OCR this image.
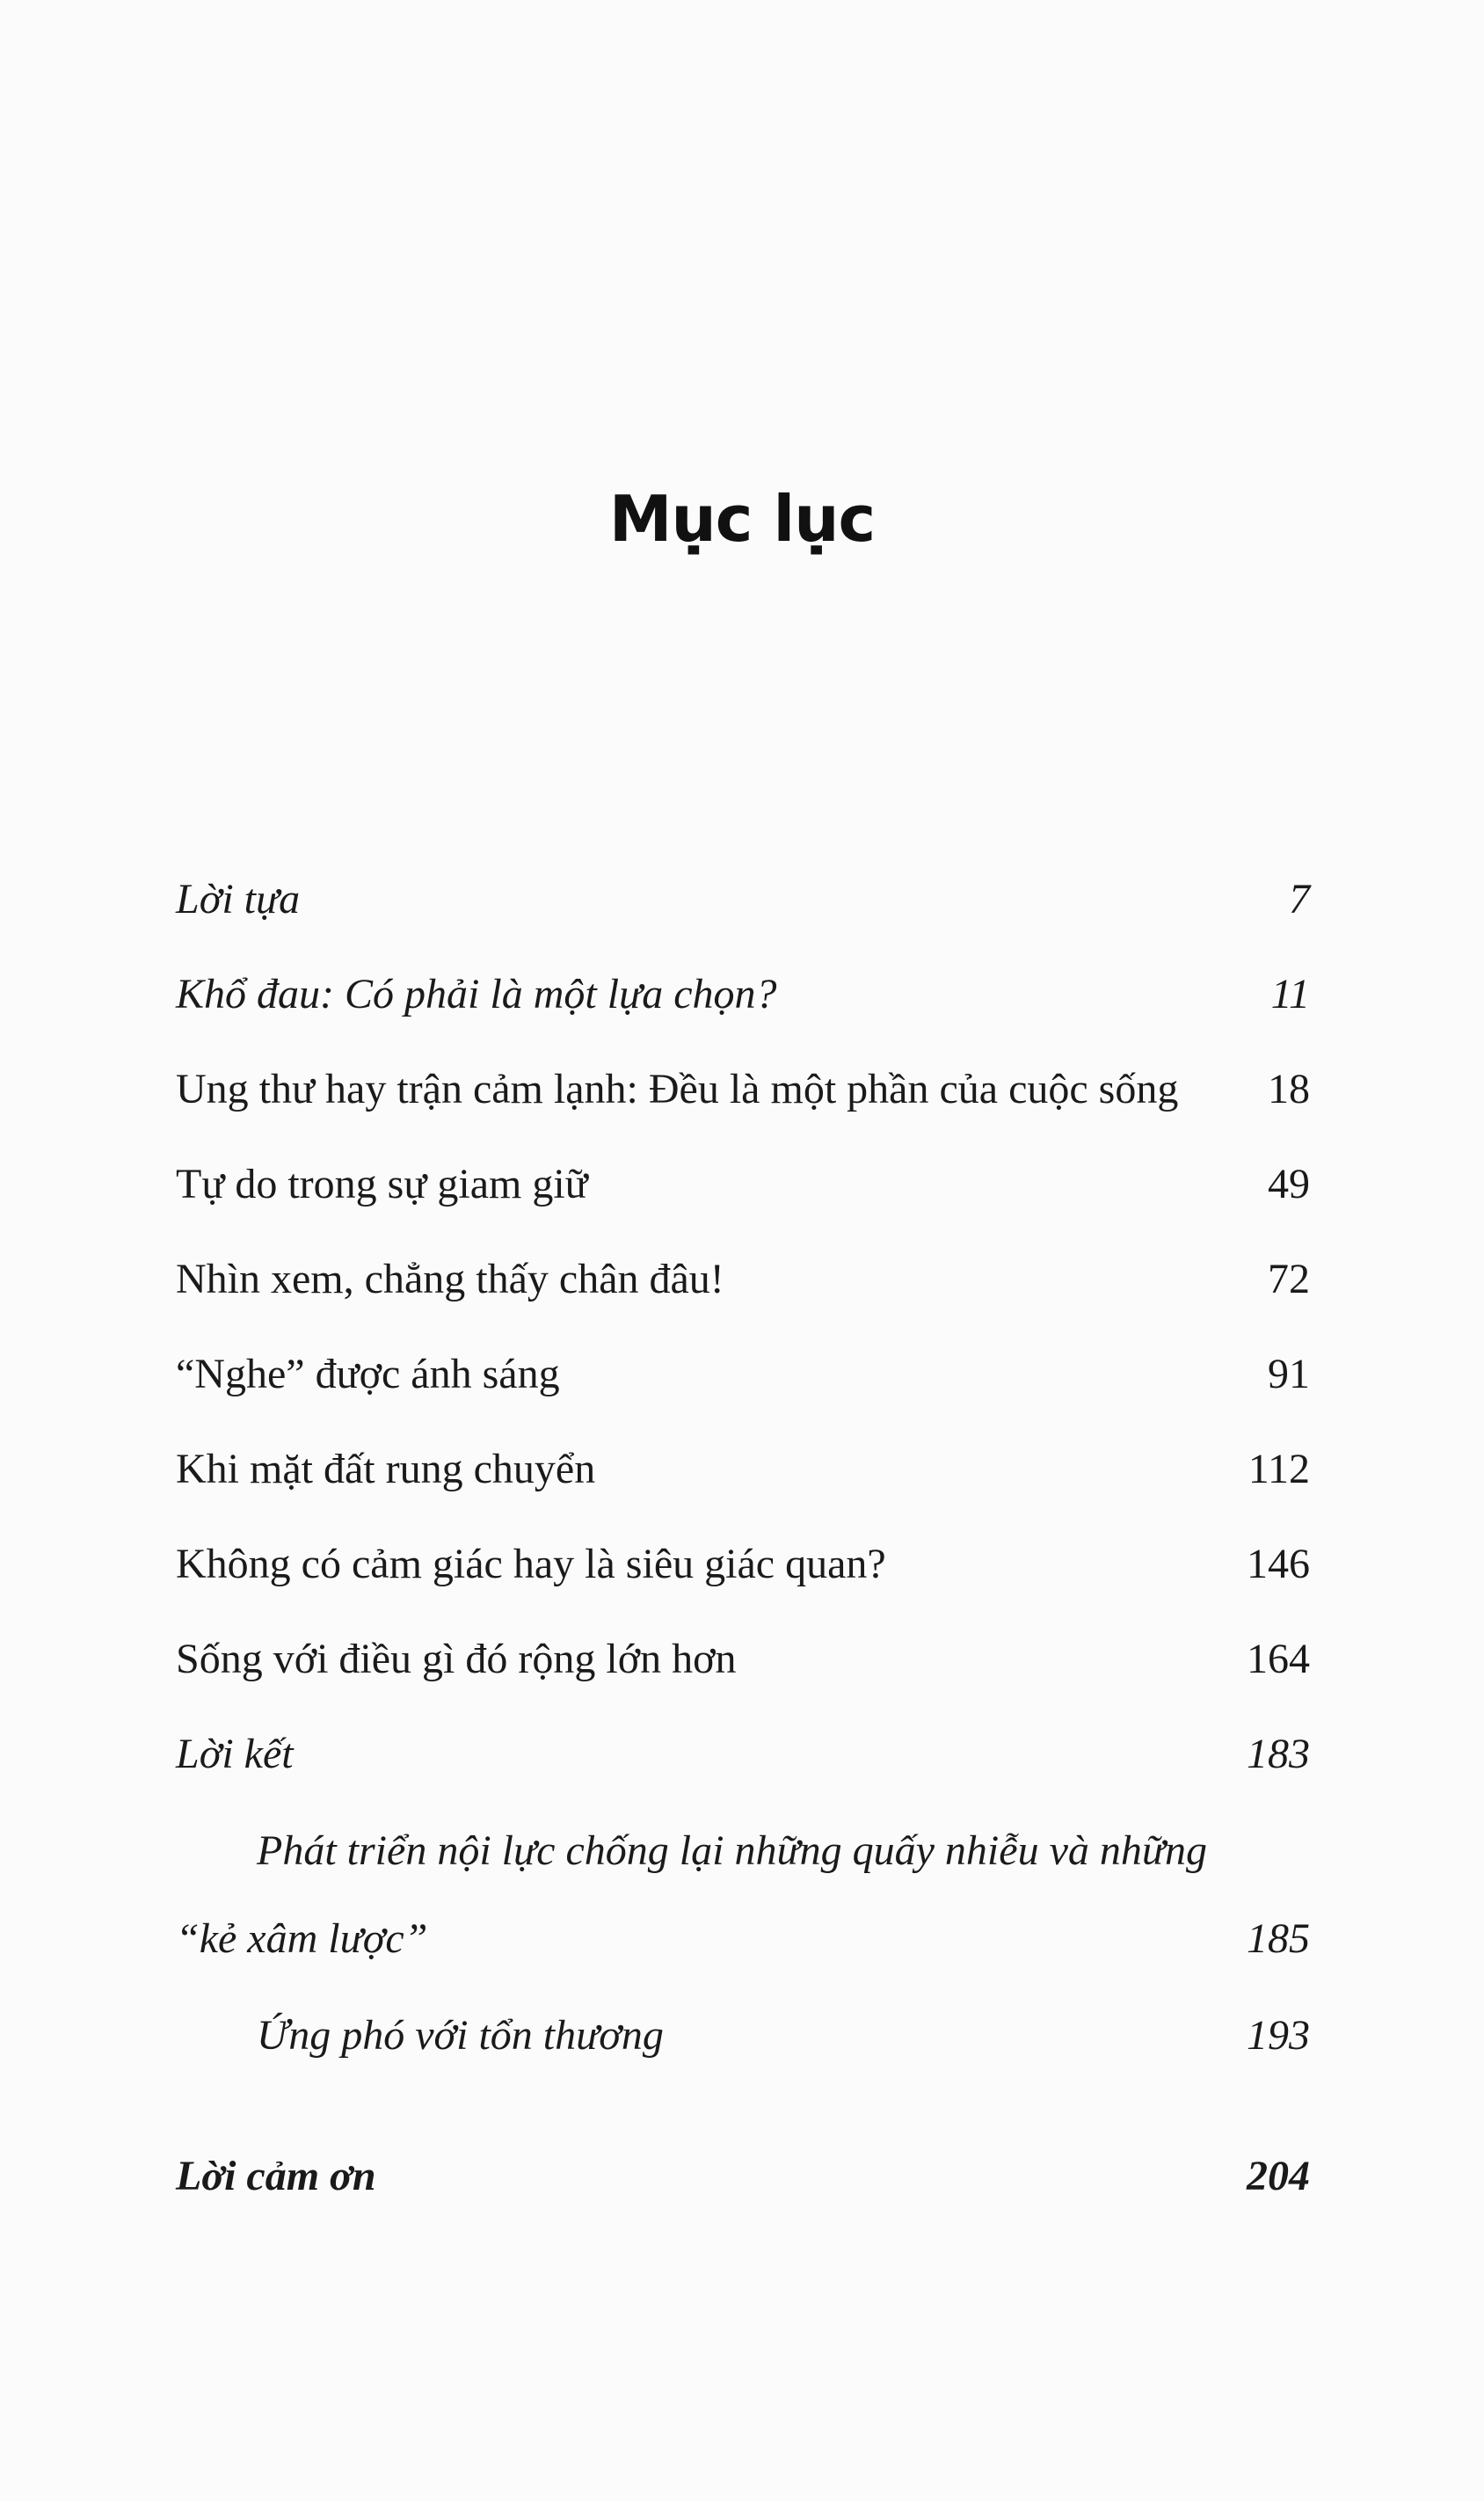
Mục lục
Lời tựa	7
Khổ đau: Có phải là một lựa chọn?	11
Ung thư hay trận cảm lạnh: Đều là một phần của cuộc sống 18
Tự do trong sự giam giữ	49
Nhìn xem, chẳng thấy chân đâu!	72
“Nghe” được ánh sáng	91
Khi mặt đất rung chuyển	112
Không có cảm giác hay là siêu giác quan?	146
Sống với điều gì đó rộng lớn hơn	164
Lời kết	183
Phát triển nội lực chống lại những quấy nhiễu và những
“kẻ xâm lược”	185
Ứng phó với tổn thương	193
Lời cảm ơn	204
